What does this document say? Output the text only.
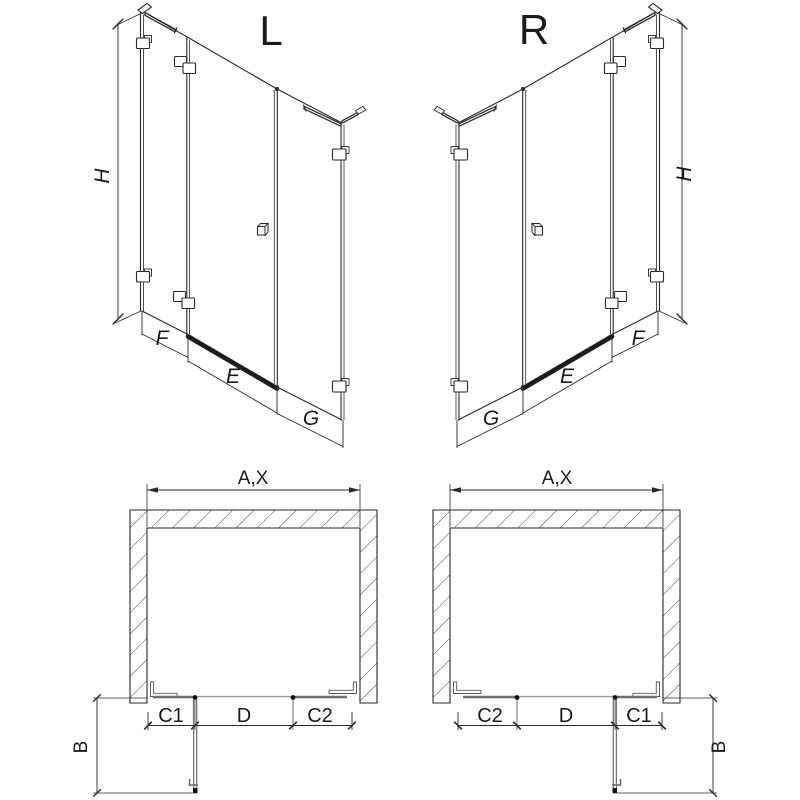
L
H
F
E
G
R
H
G
E
F
A,X
C1	D	C2
B
A,X
C2	D	C1
B
